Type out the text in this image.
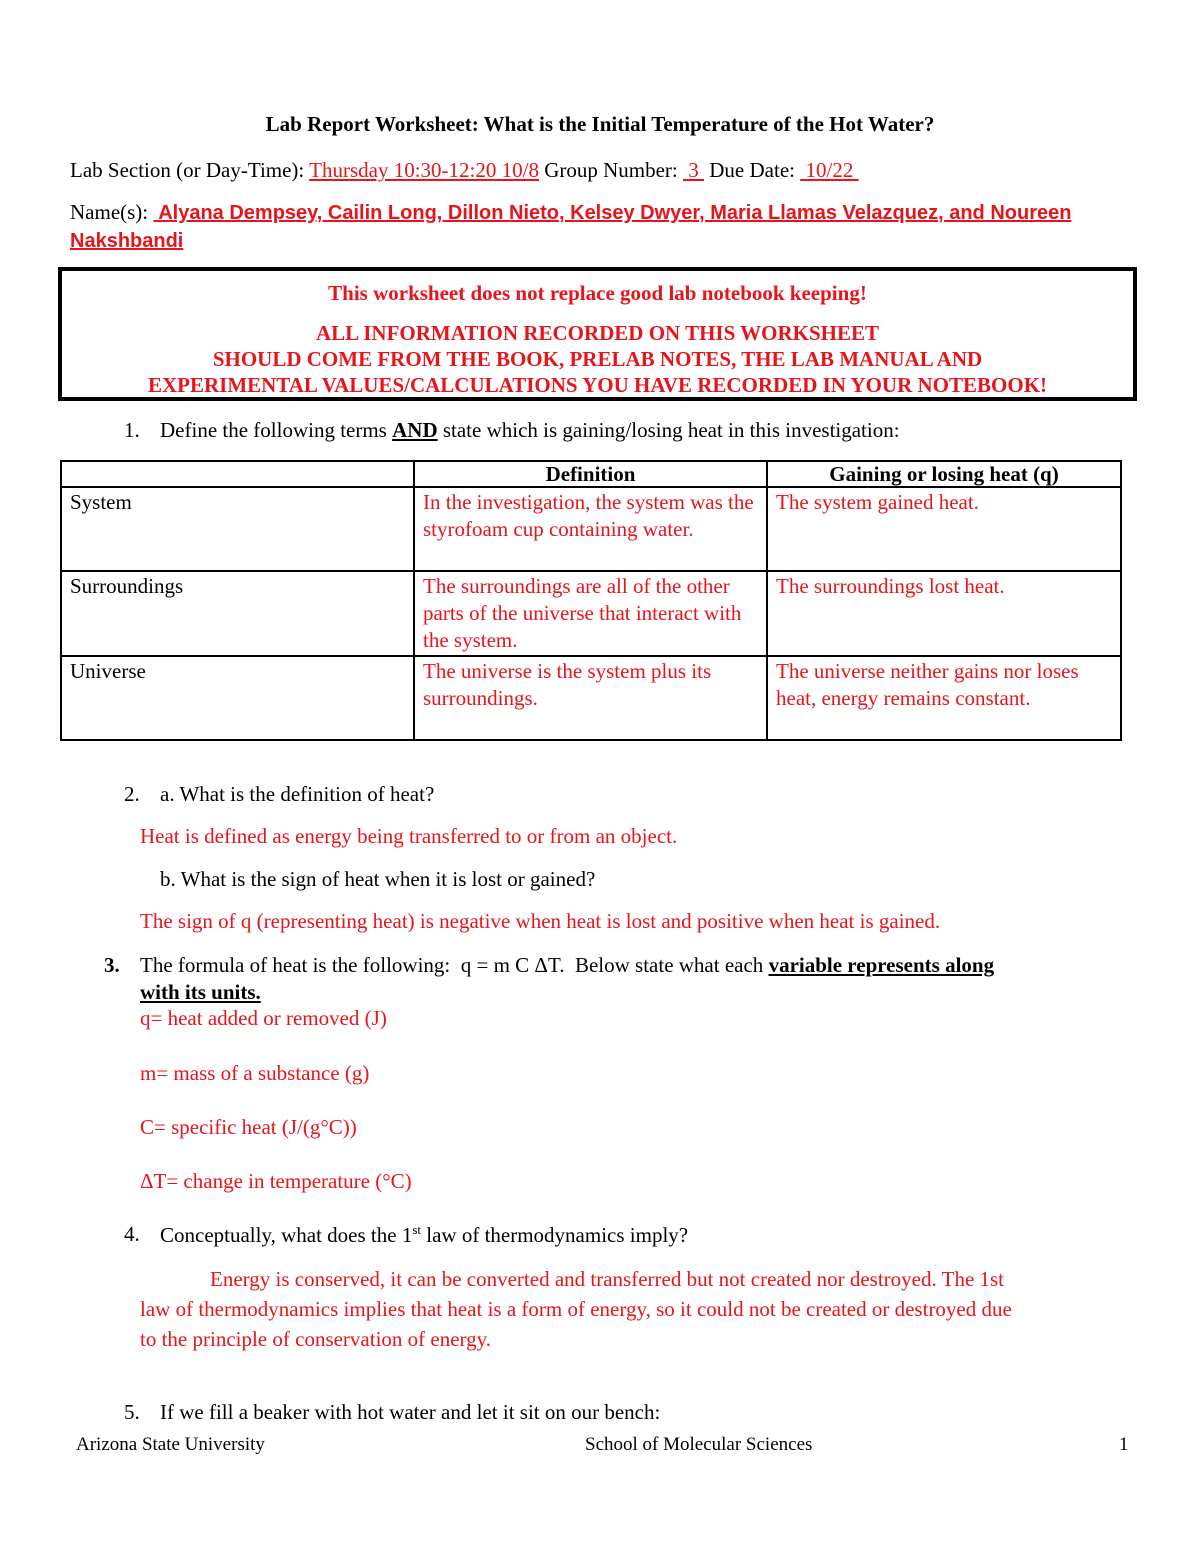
Lab Report Worksheet: What is the Initial Temperature of the Hot Water?
Lab Section (or Day-Time): Thursday 10:30-12:20 10/8 Group Number:  3  Due Date:  10/22
Name(s):  Alyana Dempsey, Cailin Long, Dillon Nieto, Kelsey Dwyer, Maria Llamas Velazquez, and Noureen
Nakshbandi
This worksheet does not replace good lab notebook keeping!
ALL INFORMATION RECORDED ON THIS WORKSHEET
SHOULD COME FROM THE BOOK, PRELAB NOTES, THE LAB MANUAL AND
EXPERIMENTAL VALUES/CALCULATIONS YOU HAVE RECORDED IN YOUR NOTEBOOK!
1. Define the following terms AND state which is gaining/losing heat in this investigation:
	Definition	Gaining or losing heat (q)
System	In the investigation, the system was the styrofoam cup containing water.	The system gained heat.
Surroundings	The surroundings are all of the other parts of the universe that interact with the system.	The surroundings lost heat.
Universe	The universe is the system plus its surroundings.	The universe neither gains nor loses heat, energy remains constant.
2. a. What is the definition of heat?
Heat is defined as energy being transferred to or from an object.
b. What is the sign of heat when it is lost or gained?
The sign of q (representing heat) is negative when heat is lost and positive when heat is gained.
3. The formula of heat is the following:  q = m C ΔT.  Below state what each variable represents along
with its units.
q= heat added or removed (J)
m= mass of a substance (g)
C= specific heat (J/(g°C))
ΔT= change in temperature (°C)
4. Conceptually, what does the 1st law of thermodynamics imply?
Energy is conserved, it can be converted and transferred but not created nor destroyed. The 1st
law of thermodynamics implies that heat is a form of energy, so it could not be created or destroyed due
to the principle of conservation of energy.
5. If we fill a beaker with hot water and let it sit on our bench:
Arizona State University	School of Molecular Sciences	1
